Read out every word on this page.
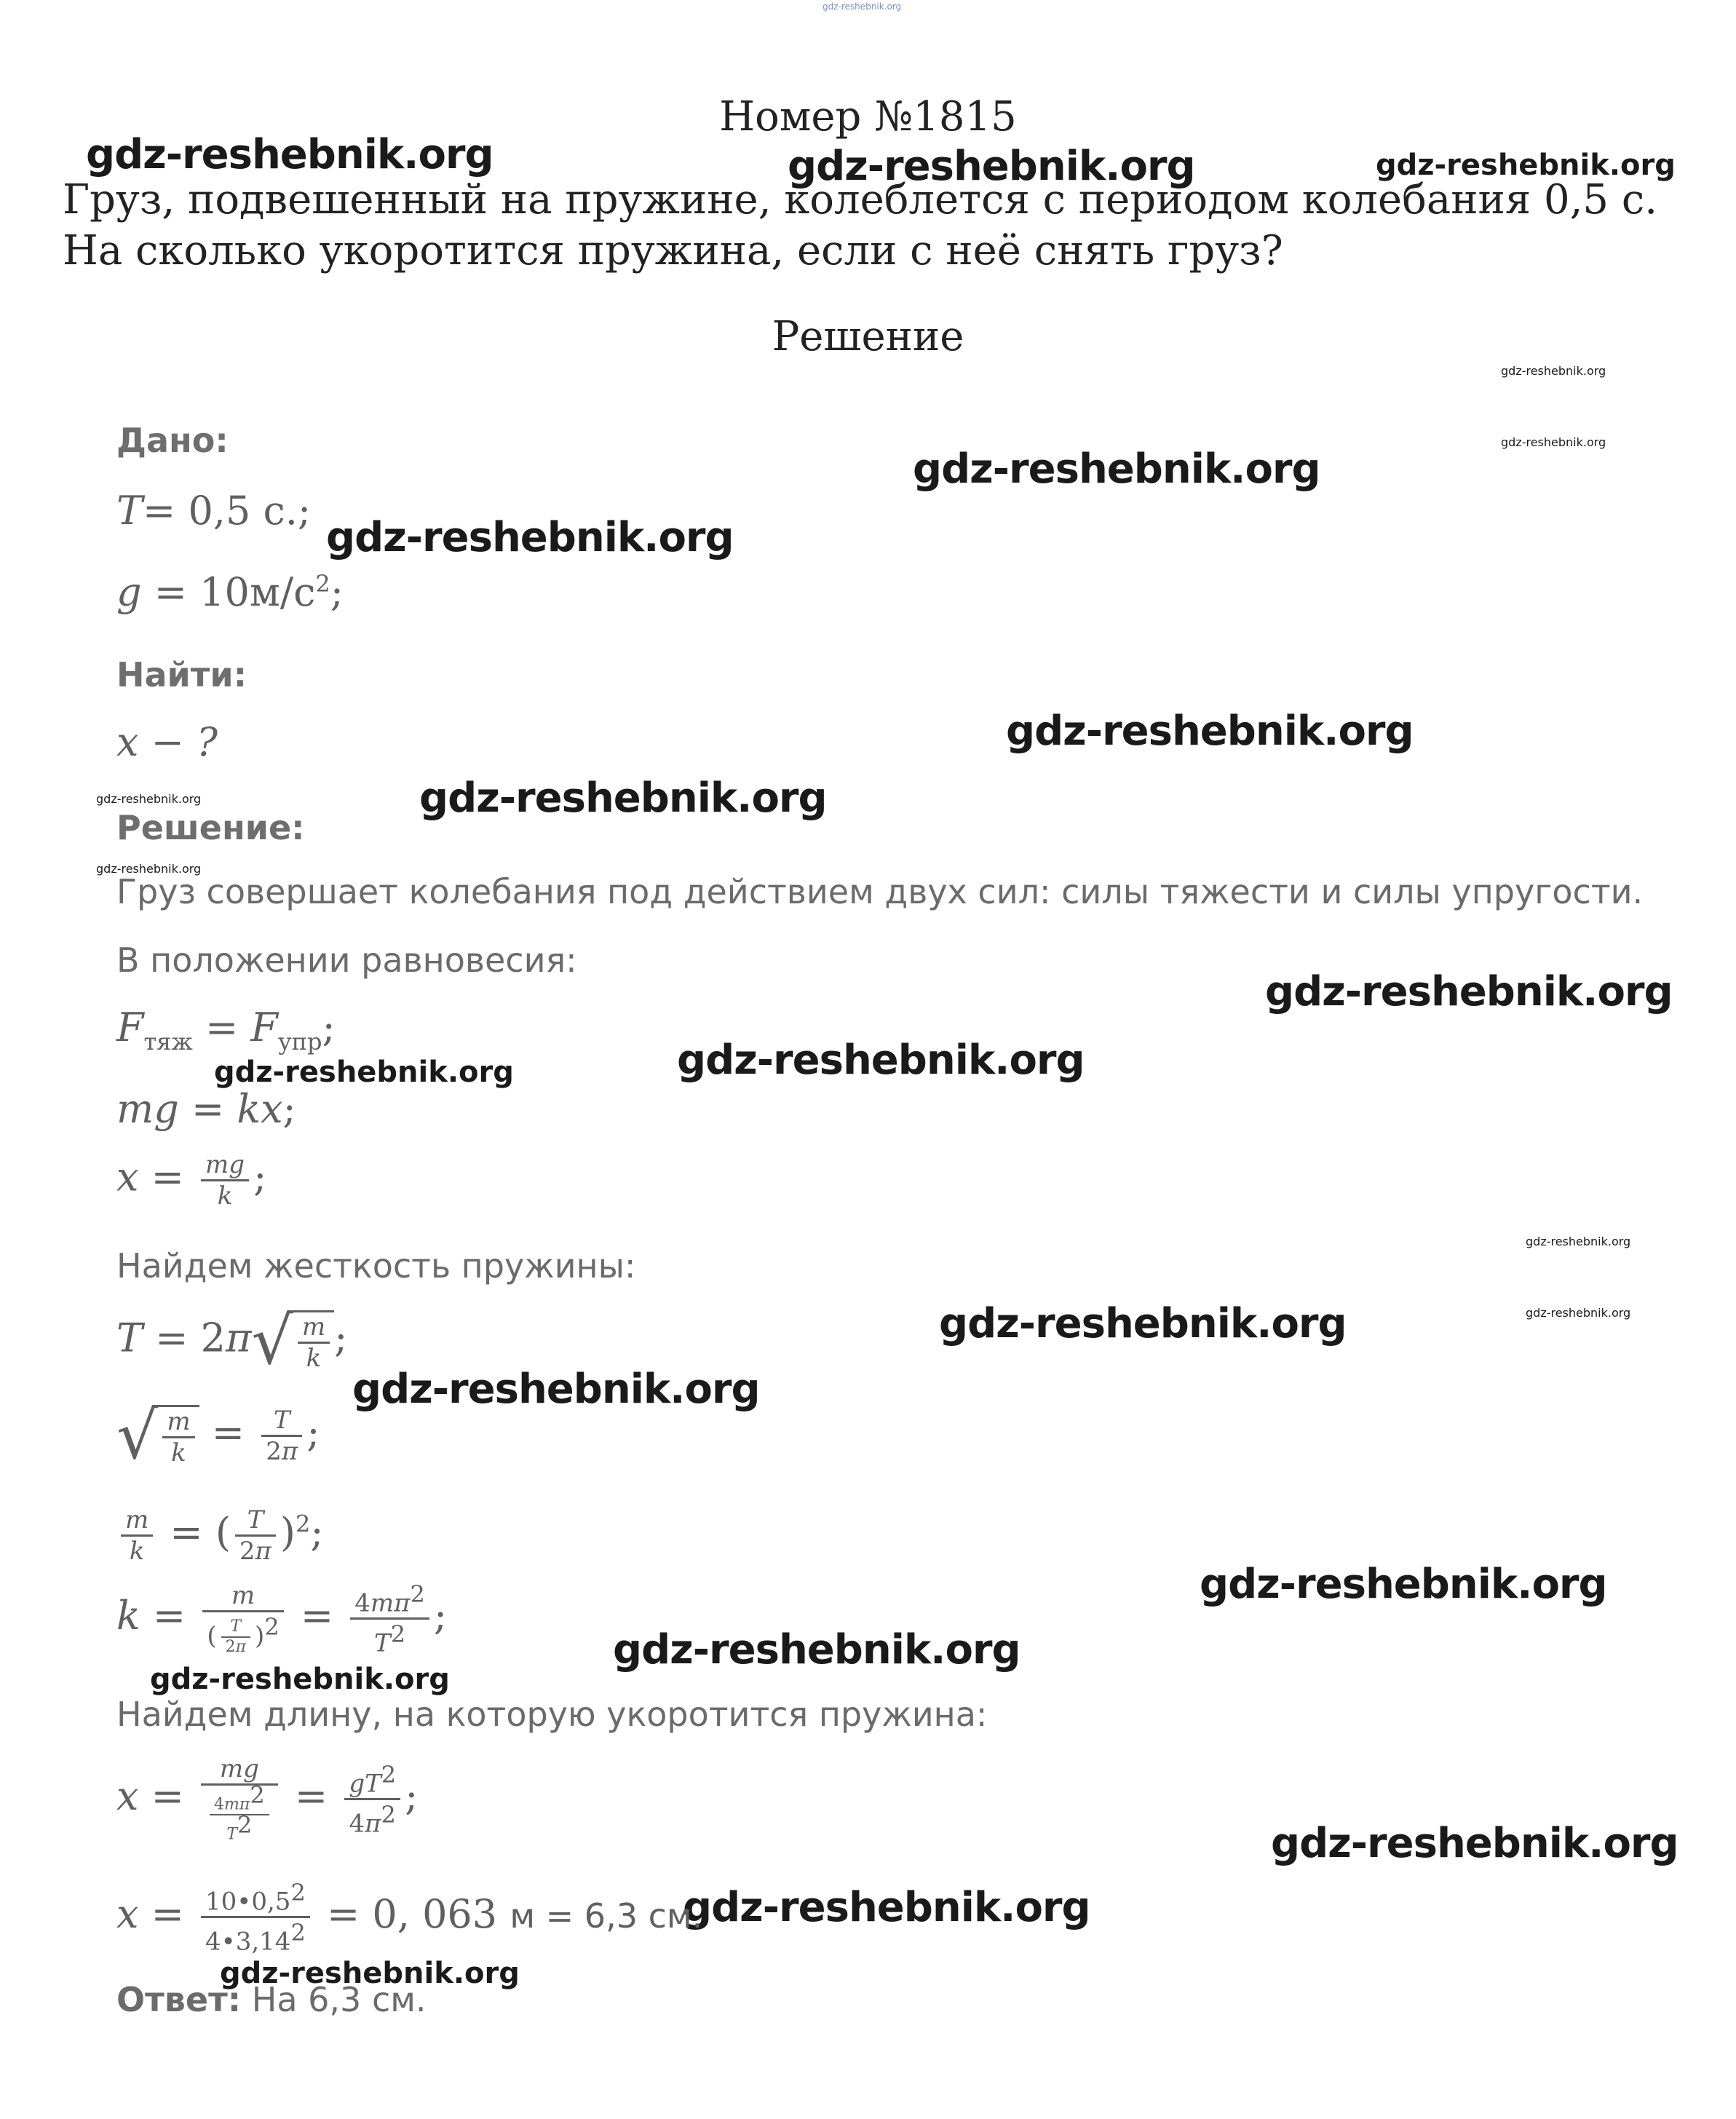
gdz-reshebnik.org
gdz-reshebnik.org	gdz-reshebnik.org	gdz-reshebnik.org
gdz-reshebnik.org
gdz-reshebnik.org
gdz-reshebnik.org
gdz-reshebnik.org
gdz-reshebnik.org
gdz-reshebnik.org	gdz-reshebnik.org
gdz-reshebnik.org
gdz-reshebnik.org
gdz-reshebnik.org
gdz-reshebnik.org
gdz-reshebnik.org
gdz-reshebnik.org
gdz-reshebnik.org
gdz-reshebnik.org
gdz-reshebnik.org
gdz-reshebnik.org
gdz-reshebnik.org
gdz-reshebnik.org
gdz-reshebnik.org
gdz-reshebnik.org
Номер №1815
Груз, подвешенный на пружине, колеблется с периодом колебания 0,5 с. На сколько укоротится пружина, если с неё снять груз?
Решение
Дано:
T= 0,5 с.;
$g = 10м/с^2$;
Найти:
x − ?
Решение:
Груз совершает колебания под действием двух сил: силы тяжести и силы упругости.
В положении равновесия:
$F_{тяж} = F_{упр}$;
mg = kx;
$x = \frac{mg}{k}$ ;
Найдем жесткость пружины:
$T = 2\pi√ \frac{m}{k}$ ;
√ $\frac{m}{k} = \frac{T}{2\pi}$ ;
$\frac{m}{k}$ = ( $\frac{T}{2\pi} )^2$;
$k = \frac{m}{( \frac{T}{2\pi} )^2} = \frac{4m\pi^2}{T^2}$ ;
Найдем длину, на которую укоротится пружина:
$x = \frac{mg}{\frac{4m\pi^2}{T^2}} = \frac{gT^2}{4\pi^2}$ ;
$x = \frac{10•0,5^2}{4•3,14^2} = 0$, 063 м = 6,3 см.
Ответ: На 6,3 см.
